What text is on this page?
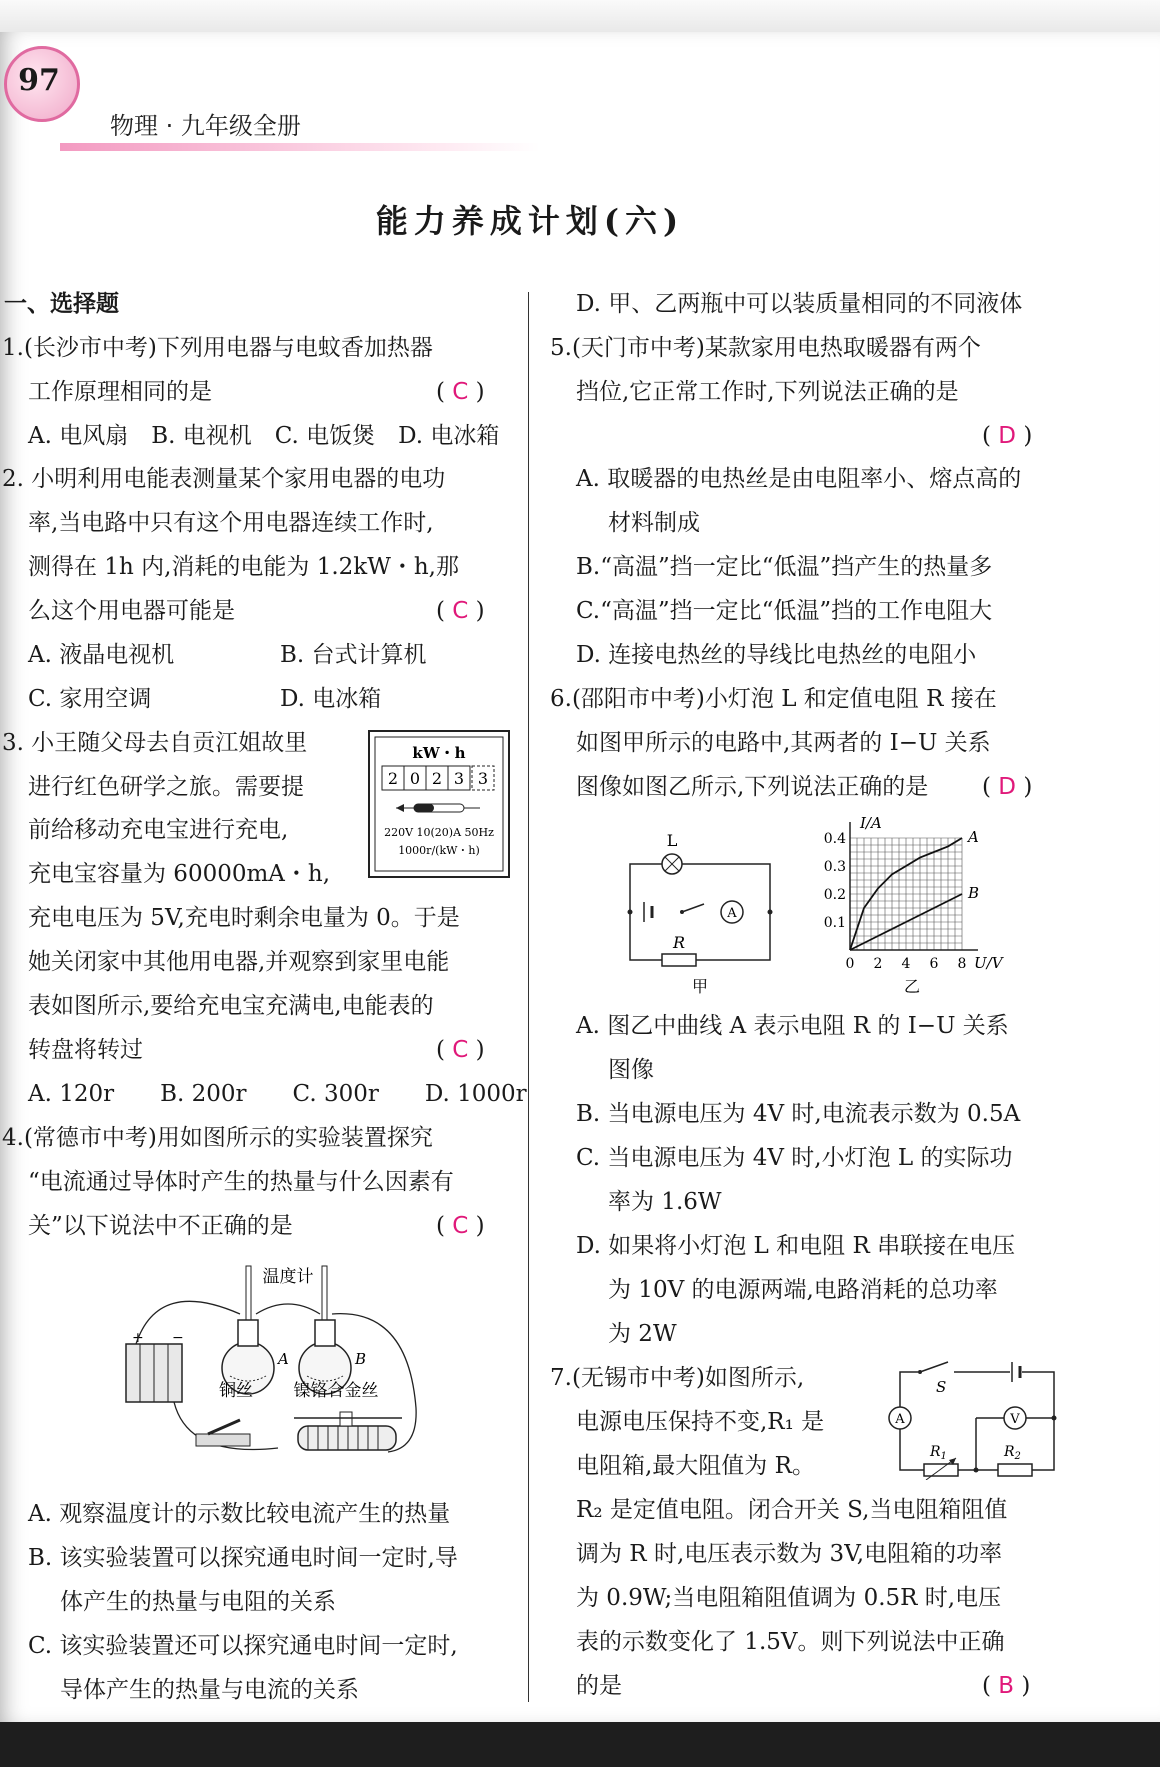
97
物理 · 九年级全册
能力养成计划(六)
一、选择题
1.(长沙市中考)下列用电器与电蚊香加热器
工作原理相同的是	( C )
A. 电风扇　B. 电视机　C. 电饭煲　D. 电冰箱
2. 小明利用电能表测量某个家用电器的电功
率,当电路中只有这个用电器连续工作时,
测得在 1h 内,消耗的电能为 1.2kW・h,那
么这个用电器可能是	( C )
A. 液晶电视机	B. 台式计算机
C. 家用空调	D. 电冰箱
3. 小王随父母去自贡江姐故里
进行红色研学之旅。需要提
前给移动充电宝进行充电,
充电宝容量为 60000mA・h,
kW・h
2 0 2 3 3
220V 10(20)A 50Hz
1000r/(kW・h)
充电电压为 5V,充电时剩余电量为 0。于是
她关闭家中其他用电器,并观察到家里电能
表如图所示,要给充电宝充满电,电能表的
转盘将转过	( C )
A. 120r　　B. 200r　　C. 300r　　D. 1000r
4.(常德市中考)用如图所示的实验装置探究
“电流通过导体时产生的热量与什么因素有
关”以下说法中不正确的是	( C )
温度计
A	B
铜丝 镍铬合金丝
+ −
A. 观察温度计的示数比较电流产生的热量
B. 该实验装置可以探究通电时间一定时,导
体产生的热量与电阻的关系
C. 该实验装置还可以探究通电时间一定时,
导体产生的热量与电流的关系
D. 甲、乙两瓶中可以装质量相同的不同液体
5.(天门市中考)某款家用电热取暖器有两个
挡位,它正常工作时,下列说法正确的是
( D )
A. 取暖器的电热丝是由电阻率小、熔点高的
材料制成
B.“高温”挡一定比“低温”挡产生的热量多
C.“高温”挡一定比“低温”挡的工作电阻大
D. 连接电热丝的导线比电热丝的电阻小
6.(邵阳市中考)小灯泡 L 和定值电阻 R 接在
如图甲所示的电路中,其两者的 I−U 关系
图像如图乙所示,下列说法正确的是 ( D )
L
A
R
甲
I/A
U/V
乙
A
B
0.4
0.3
0.2
0.1
0 2 4 6 8
A. 图乙中曲线 A 表示电阻 R 的 I−U 关系
图像
B. 当电源电压为 4V 时,电流表示数为 0.5A
C. 当电源电压为 4V 时,小灯泡 L 的实际功
率为 1.6W
D. 如果将小灯泡 L 和电阻 R 串联接在电压
为 10V 的电源两端,电路消耗的总功率
为 2W
7.(无锡市中考)如图所示,
电源电压保持不变,R₁ 是
电阻箱,最大阻值为 R。
S
A	V
$R_1$	$R_2$
R₂ 是定值电阻。闭合开关 S,当电阻箱阻值
调为 R 时,电压表示数为 3V,电阻箱的功率
为 0.9W;当电阻箱阻值调为 0.5R 时,电压
表的示数变化了 1.5V。则下列说法中正确
的是	( B )
